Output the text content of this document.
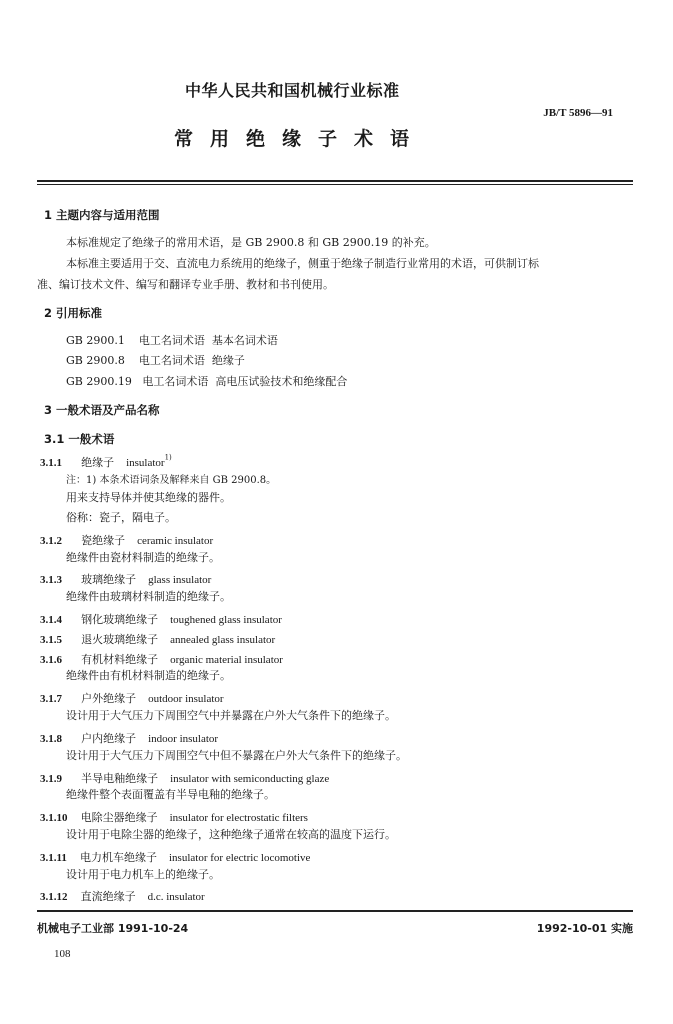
中华人民共和国机械行业标准
JB/T 5896—91
常用绝缘子术语
1 主题内容与适用范围
本标准规定了绝缘子的常用术语，是 GB 2900.8 和 GB 2900.19 的补充。
本标准主要适用于交、直流电力系统用的绝缘子，侧重于绝缘子制造行业常用的术语，可供制订标
准、编订技术文件、编写和翻译专业手册、教材和书刊使用。
2 引用标准
GB 2900.1    电工名词术语  基本名词术语
GB 2900.8    电工名词术语  绝缘子
GB 2900.19   电工名词术语  高电压试验技术和绝缘配合
3 一般术语及产品名称
3.1 一般术语
3.1.1 绝缘子 insulator$^{1)}$
注：1) 本条术语词条及解释来自 GB 2900.8。
用来支持导体并使其绝缘的器件。
俗称：瓷子，隔电子。
3.1.2 瓷绝缘子 ceramic insulator
绝缘件由瓷材料制造的绝缘子。
3.1.3 玻璃绝缘子 glass insulator
绝缘件由玻璃材料制造的绝缘子。
3.1.4 钢化玻璃绝缘子 toughened glass insulator
3.1.5 退火玻璃绝缘子 annealed glass insulator
3.1.6 有机材料绝缘子 organic material insulator
绝缘件由有机材料制造的绝缘子。
3.1.7 户外绝缘子 outdoor insulator
设计用于大气压力下周围空气中并暴露在户外大气条件下的绝缘子。
3.1.8 户内绝缘子 indoor insulator
设计用于大气压力下周围空气中但不暴露在户外大气条件下的绝缘子。
3.1.9 半导电釉绝缘子 insulator with semiconducting glaze
绝缘件整个表面覆盖有半导电釉的绝缘子。
3.1.10 电除尘器绝缘子 insulator for electrostatic filters
设计用于电除尘器的绝缘子，这种绝缘子通常在较高的温度下运行。
3.1.11 电力机车绝缘子 insulator for electric locomotive
设计用于电力机车上的绝缘子。
3.1.12 直流绝缘子 d.c. insulator
机械电子工业部 1991-10-24	1992-10-01 实施
108
